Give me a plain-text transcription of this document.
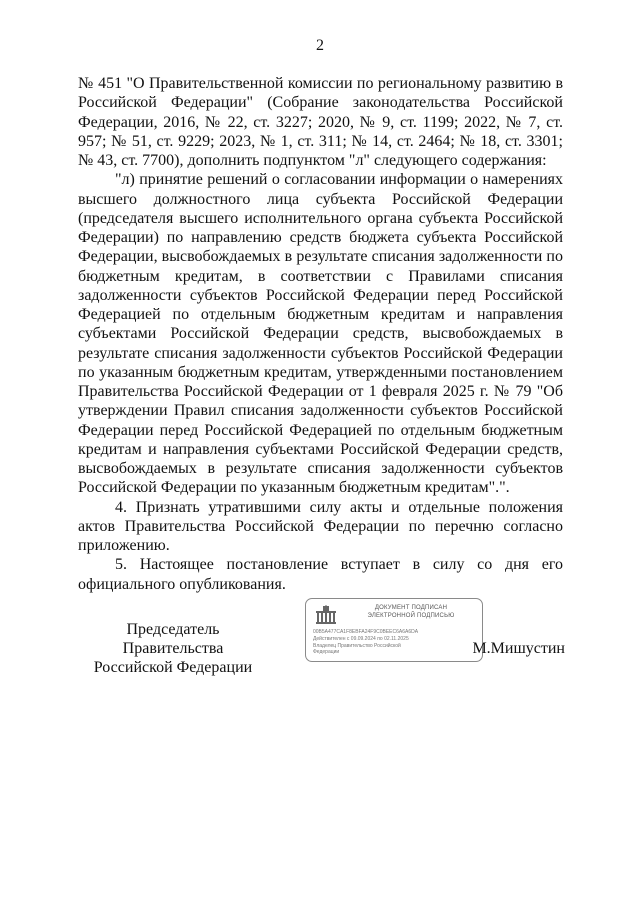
2

№ 451 "О Правительственной комиссии по региональному развитию в Российской Федерации" (Собрание законодательства Российской Федерации, 2016, № 22, ст. 3227; 2020, № 9, ст. 1199; 2022, № 7, ст. 957; № 51, ст. 9229; 2023, № 1, ст. 311; № 14, ст. 2464; № 18, ст. 3301; № 43, ст. 7700), дополнить подпунктом "л" следующего содержания:

"л) принятие решений о согласовании информации о намерениях высшего должностного лица субъекта Российской Федерации (председателя высшего исполнительного органа субъекта Российской Федерации) по направлению средств бюджета субъекта Российской Федерации, высвобождаемых в результате списания задолженности по бюджетным кредитам, в соответствии с Правилами списания задолженности субъектов Российской Федерации перед Российской Федерацией по отдельным бюджетным кредитам и направления субъектами Российской Федерации средств, высвобождаемых в результате списания задолженности субъектов Российской Федерации по указанным бюджетным кредитам, утвержденными постановлением Правительства Российской Федерации от 1 февраля 2025 г. № 79 "Об утверждении Правил списания задолженности субъектов Российской Федерации перед Российской Федерацией по отдельным бюджетным кредитам и направления субъектами Российской Федерации средств, высвобождаемых в результате списания задолженности субъектов Российской Федерации по указанным бюджетным кредитам".".

4. Признать утратившими силу акты и отдельные положения актов Правительства Российской Федерации по перечню согласно приложению.

5. Настоящее постановление вступает в силу со дня его официального опубликования.

Председатель Правительства
Российской Федерации
ДОКУМЕНТ ПОДПИСАН
ЭЛЕКТРОННОЙ ПОДПИСЬЮ
00B5A477CA1F8EBFA24F9C0BEEC6A6A6DA
Действителен с 09.09.2024 по 02.11.2025
Владелец Правительство Российской
Федерации	М.Мишустин
